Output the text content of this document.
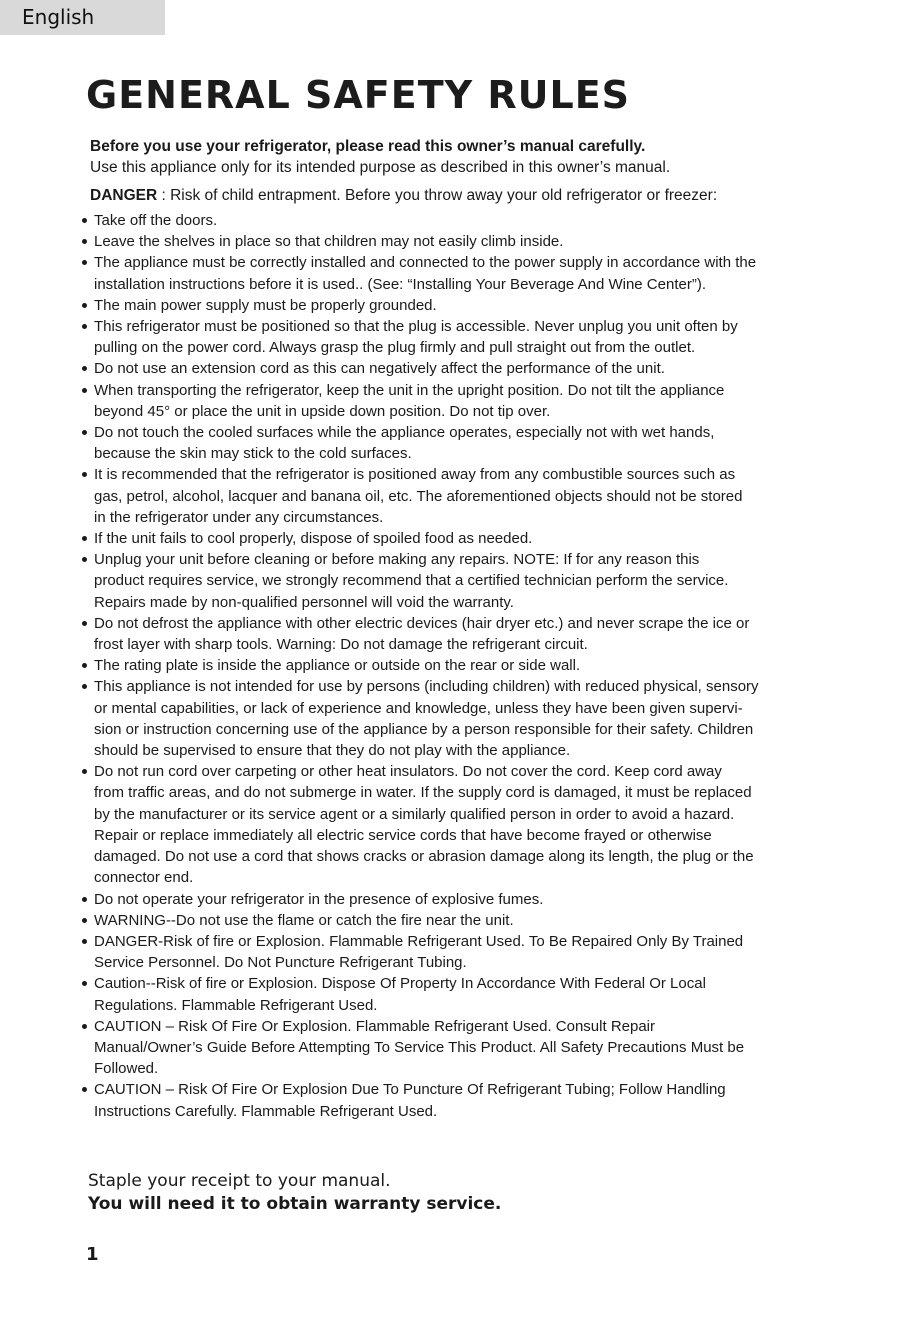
English
GENERAL SAFETY RULES

Before you use your refrigerator, please read this owner’s manual carefully.

Use this appliance only for its intended purpose as described in this owner’s manual.

DANGER : Risk of child entrapment. Before you throw away your old refrigerator or freezer:

Take off the doors.
Leave the shelves in place so that children may not easily climb inside.
The appliance must be correctly installed and connected to the power supply in accordance with the
installation instructions before it is used.. (See: “Installing Your Beverage And Wine Center”).
The main power supply must be properly grounded.
This refrigerator must be positioned so that the plug is accessible. Never unplug you unit often by
pulling on the power cord. Always grasp the plug firmly and pull straight out from the outlet.
Do not use an extension cord as this can negatively affect the performance of the unit.
When transporting the refrigerator, keep the unit in the upright position. Do not tilt the appliance
beyond 45° or place the unit in upside down position. Do not tip over.
Do not touch the cooled surfaces while the appliance operates, especially not with wet hands,
because the skin may stick to the cold surfaces.
It is recommended that the refrigerator is positioned away from any combustible sources such as
gas, petrol, alcohol, lacquer and banana oil, etc. The aforementioned objects should not be stored
in the refrigerator under any circumstances.
If the unit fails to cool properly, dispose of spoiled food as needed.
Unplug your unit before cleaning or before making any repairs. NOTE: If for any reason this
product requires service, we strongly recommend that a certified technician perform the service.
Repairs made by non-qualified personnel will void the warranty.
Do not defrost the appliance with other electric devices (hair dryer etc.) and never scrape the ice or
frost layer with sharp tools. Warning: Do not damage the refrigerant circuit.
The rating plate is inside the appliance or outside on the rear or side wall.
This appliance is not intended for use by persons (including children) with reduced physical, sensory
or mental capabilities, or lack of experience and knowledge, unless they have been given supervi-
sion or instruction concerning use of the appliance by a person responsible for their safety. Children
should be supervised to ensure that they do not play with the appliance.
Do not run cord over carpeting or other heat insulators. Do not cover the cord. Keep cord away
from traffic areas, and do not submerge in water. If the supply cord is damaged, it must be replaced
by the manufacturer or its service agent or a similarly qualified person in order to avoid a hazard.
Repair or replace immediately all electric service cords that have become frayed or otherwise
damaged. Do not use a cord that shows cracks or abrasion damage along its length, the plug or the
connector end.
Do not operate your refrigerator in the presence of explosive fumes.
WARNING--Do not use the flame or catch the fire near the unit.
DANGER-Risk of fire or Explosion. Flammable Refrigerant Used. To Be Repaired Only By Trained
Service Personnel. Do Not Puncture Refrigerant Tubing.
Caution--Risk of fire or Explosion. Dispose Of Property In Accordance With Federal Or Local
Regulations. Flammable Refrigerant Used.
CAUTION – Risk Of Fire Or Explosion. Flammable Refrigerant Used. Consult Repair
Manual/Owner’s Guide Before Attempting To Service This Product. All Safety Precautions Must be
Followed.
CAUTION – Risk Of Fire Or Explosion Due To Puncture Of Refrigerant Tubing; Follow Handling
Instructions Carefully. Flammable Refrigerant Used.

Staple your receipt to your manual.

You will need it to obtain warranty service.

1
